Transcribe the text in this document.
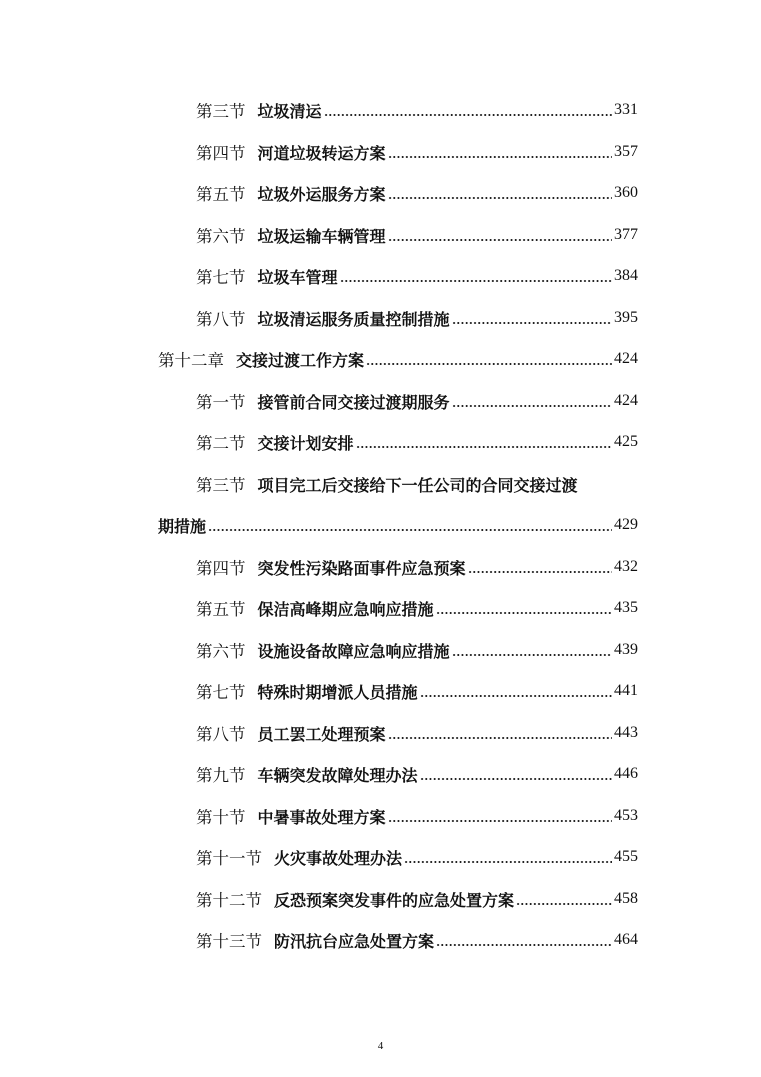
第三节 垃圾清运	331
第四节 河道垃圾转运方案	357
第五节 垃圾外运服务方案	360
第六节 垃圾运输车辆管理	377
第七节 垃圾车管理	384
第八节 垃圾清运服务质量控制措施	395
第十二章 交接过渡工作方案	424
第一节 接管前合同交接过渡期服务	424
第二节 交接计划安排	425
第三节 项目完工后交接给下一任公司的合同交接过渡
期措施	429
第四节 突发性污染路面事件应急预案	432
第五节 保洁高峰期应急响应措施	435
第六节 设施设备故障应急响应措施	439
第七节 特殊时期增派人员措施	441
第八节 员工罢工处理预案	443
第九节 车辆突发故障处理办法	446
第十节 中暑事故处理方案	453
第十一节 火灾事故处理办法	455
第十二节 反恐预案突发事件的应急处置方案	458
第十三节 防汛抗台应急处置方案	464
4
